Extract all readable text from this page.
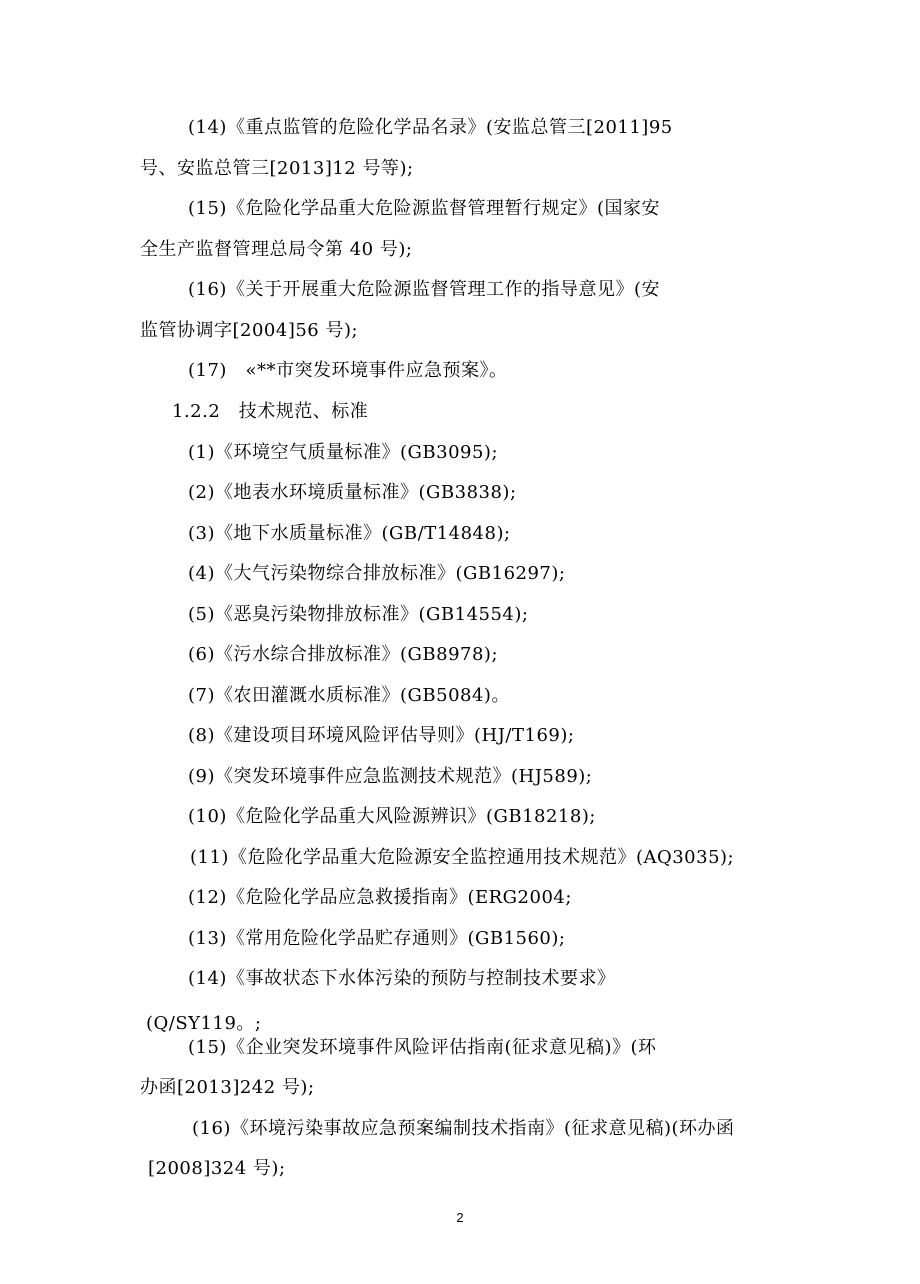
(14)《重点监管的危险化学品名录》(安监总管三[2011]95
号、安监总管三[2013]12 号等);
(15)《危险化学品重大危险源监督管理暂行规定》(国家安
全生产监督管理总局令第 40 号);
(16)《关于开展重大危险源监督管理工作的指导意见》(安
监管协调字[2004]56 号);
(17)　«**市突发环境事件应急预案》。
1.2.2　技术规范、标准
(1)《环境空气质量标准》(GB3095);
(2)《地表水环境质量标准》(GB3838);
(3)《地下水质量标准》(GB/T14848);
(4)《大气污染物综合排放标准》(GB16297);
(5)《恶臭污染物排放标准》(GB14554);
(6)《污水综合排放标准》(GB8978);
(7)《农田灌溉水质标准》(GB5084)。
(8)《建设项目环境风险评估导则》(HJ/T169);
(9)《突发环境事件应急监测技术规范》(HJ589);
(10)《危险化学品重大风险源辨识》(GB18218);
(11)《危险化学品重大危险源安全监控通用技术规范》(AQ3035);
(12)《危险化学品应急救援指南》(ERG2004;
(13)《常用危险化学品贮存通则》(GB1560);
(14)《事故状态下水体污染的预防与控制技术要求》
(Q/SY119。;
(15)《企业突发环境事件风险评估指南(征求意见稿)》(环
办函[2013]242 号);
(16)《环境污染事故应急预案编制技术指南》(征求意见稿)(环办函
[2008]324 号);
2
